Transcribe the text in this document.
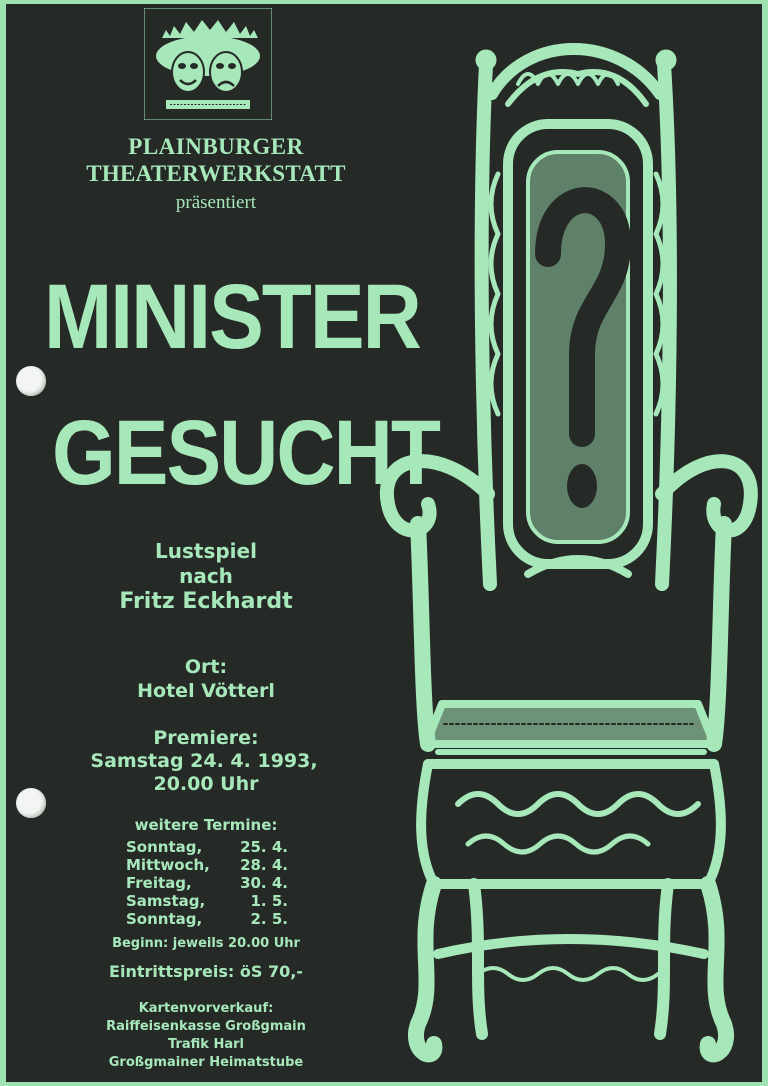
PLAINBURGER
THEATERWERKSTATT
präsentiert
MINISTER
GESUCHT
Lustspiel
nach
Fritz Eckhardt
Ort:
Hotel Vötterl
Premiere:
Samstag 24. 4. 1993,
20.00 Uhr
weitere Termine:
Sonntag,	25. 4.
Mittwoch,	28. 4.
Freitag,	30. 4.
Samstag,	1. 5.
Sonntag,	2. 5.
Beginn: jeweils 20.00 Uhr
Eintrittspreis: öS 70,-
Kartenvorverkauf:
Raiffeisenkasse Großgmain
Trafik Harl
Großgmainer Heimatstube
